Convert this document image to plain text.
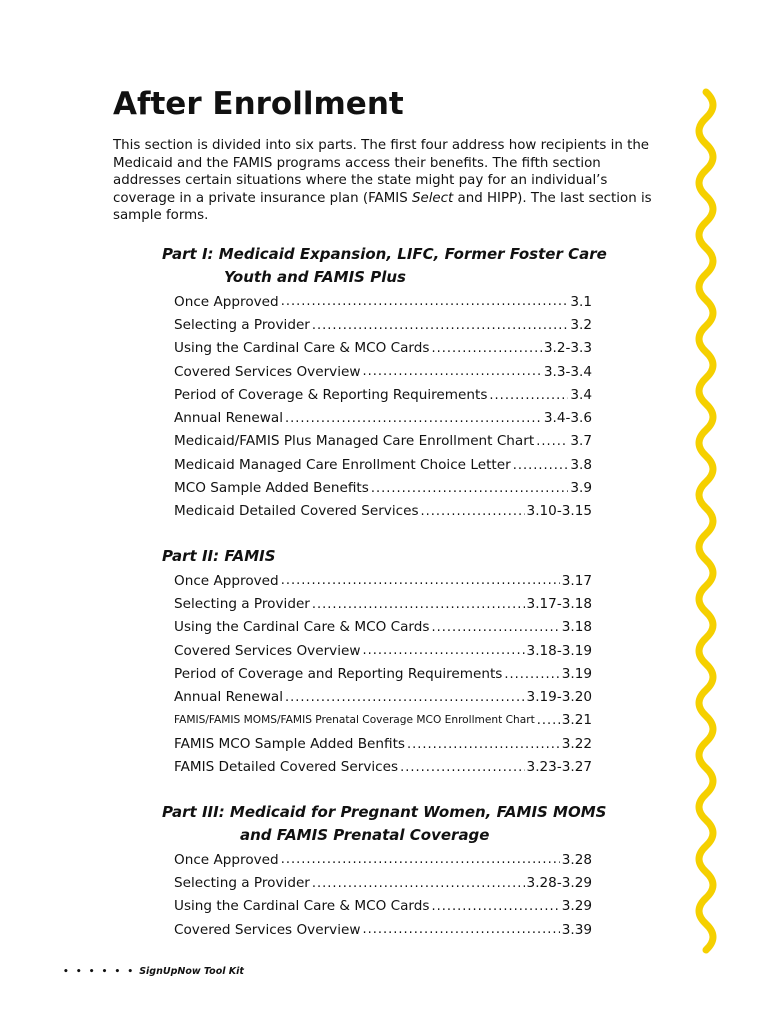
After Enrollment

This section is divided into six parts. The first four address how recipients in the Medicaid and the FAMIS programs access their benefits. The fifth section addresses certain situations where the state might pay for an individual’s coverage in a private insurance plan (FAMIS Select and HIPP). The last section is sample forms.

Part I: Medicaid Expansion, LIFC, Former Foster Care
Youth and FAMIS Plus
Once Approved .....	3.1
Selecting a Provider .....	3.2
Using the Cardinal Care & MCO Cards .....	3.2-3.3
Covered Services Overview .....	3.3-3.4
Period of Coverage & Reporting Requirements .....	3.4
Annual Renewal .....	3.4-3.6
Medicaid/FAMIS Plus Managed Care Enrollment Chart .....	3.7
Medicaid Managed Care Enrollment Choice Letter .....	3.8
MCO Sample Added Benefits .....	3.9
Medicaid Detailed Covered Services .....	3.10-3.15
Part II: FAMIS
Once Approved .....	3.17
Selecting a Provider .....	3.17-3.18
Using the Cardinal Care & MCO Cards .....	3.18
Covered Services Overview .....	3.18-3.19
Period of Coverage and Reporting Requirements .....	3.19
Annual Renewal .....	3.19-3.20
FAMIS/FAMIS MOMS/FAMIS Prenatal Coverage MCO Enrollment Chart ..... 3.21
FAMIS MCO Sample Added Benfits .....	3.22
FAMIS Detailed Covered Services .....	3.23-3.27
Part III: Medicaid for Pregnant Women, FAMIS MOMS
and FAMIS Prenatal Coverage
Once Approved .....	3.28
Selecting a Provider .....	3.28-3.29
Using the Cardinal Care & MCO Cards .....	3.29
Covered Services Overview .....	3.39
• • • • • • SignUpNow Tool Kit
